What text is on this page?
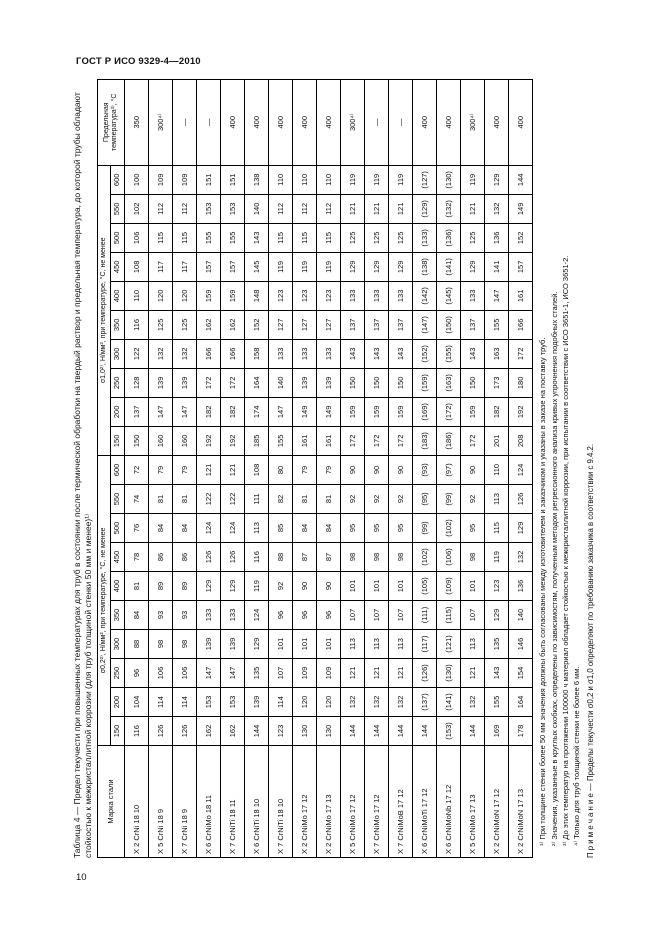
ГОСТ Р ИСО 9329-4—2010
10
Таблица 4 — Предел текучести при повышенных температурах для труб в состоянии после термической обработки на твердый раствор и предельная температура, до которой трубы обладают стойкостью к межкристаллитной коррозии (для труб толщиной стенки 50 мм и менее)¹⁾ Марка стали	σ0,2²⁾, Н/мм², при температуре, °С, не менее										σ1,0²⁾, Н/мм², при температуре, °С, не менее										Предельная температура³⁾, °С
	150	200	250	300	350	400	450	500	550	600	150	200	250	300	350	400	450	500	550	600	
X 2 CrNi 18 10	116	104	96	88	84	81	78	76	74	72	150	137	128	122	116	110	108	106	102	100	350
X 5 CrNi 18 9	126	114	106	98	93	89	86	84	81	79	160	147	139	132	125	120	117	115	112	109	300⁴⁾
X 7 CrNi 18 9	126	114	106	98	93	89	86	84	81	79	160	147	139	132	125	120	117	115	112	109	—
X 6 CrNiMo 18 11	162	153	147	139	133	129	126	124	122	121	192	182	172	166	162	159	157	155	153	151	—
X 7 CrNiTi 18 11	162	153	147	139	133	129	126	124	122	121	192	182	172	166	162	159	157	155	153	151	400
X 6 CrNiTi 18 10	144	139	135	129	124	119	116	113	111	108	185	174	164	158	152	148	145	143	140	138	400
X 7 CrNiTi 18 10	123	114	107	101	96	92	88	85	82	80	155	147	140	133	127	123	119	115	112	110	400
X 2 CrNiMo 17 12	130	120	109	101	96	90	87	84	81	79	161	149	139	133	127	123	119	115	112	110	400
X 2 CrNiMo 17 13	130	120	109	101	96	90	87	84	81	79	161	149	139	133	127	123	119	115	112	110	400
X 5 CrNiMo 17 12	144	132	121	113	107	101	98	95	92	90	172	159	150	143	137	133	129	125	121	119	300⁴⁾
X 7 CrNiMo 17 12	144	132	121	113	107	101	98	95	92	90	172	159	150	143	137	133	129	125	121	119	—
X 7 CrNiMoB 17 12	144	132	121	113	107	101	98	95	92	90	172	159	150	143	137	133	129	125	121	119	—
X 6 CrNiMoTi 17 12	144	(137)	(126)	(117)	(111)	(105)	(102)	(99)	(95)	(93)	(183)	(169)	(159)	(152)	(147)	(142)	(138)	(133)	(129)	(127)	400
X 6 CrNiMoNb 17 12	(153)	(141)	(130)	(121)	(115)	(109)	(106)	(102)	(99)	(97)	(186)	(172)	(163)	(155)	(150)	(145)	(141)	(136)	(132)	(130)	400
X 5 CrNiMo 17 13	144	132	121	113	107	101	98	95	92	90	172	159	150	143	137	133	129	125	121	119	300⁴⁾
X 2 CrNiMoN 17 12	169	155	143	135	129	123	119	115	113	110	201	182	173	163	155	147	141	136	132	129	400
X 2 CrNiMoN 17 13	178	164	154	146	140	136	132	129	126	124	208	192	180	172	166	161	157	152	149	144	400
¹⁾ При толщине стенки более 50 мм значения должны быть согласованы между изготовителем и заказчиком и указаны в заказе на поставку труб. ²⁾ Значения, указанные в круглых скобках, определены по зависимостям, полученным методом регрессионного анализа кривых упрочнения подобных сталей. ³⁾ До этих температур на протяжении 100000 ч материал обладает стойкостью к межкристаллитной коррозии, при испытании в соответствии с ИСО 3651-1, ИСО 3651-2. ⁴⁾ Только для труб толщиной стенки не более 6 мм. П р и м е ч а н и е — Пределы текучести σ0,2 и σ1,0 определяют по требованию заказчика в соответствии с 9.4.2.
